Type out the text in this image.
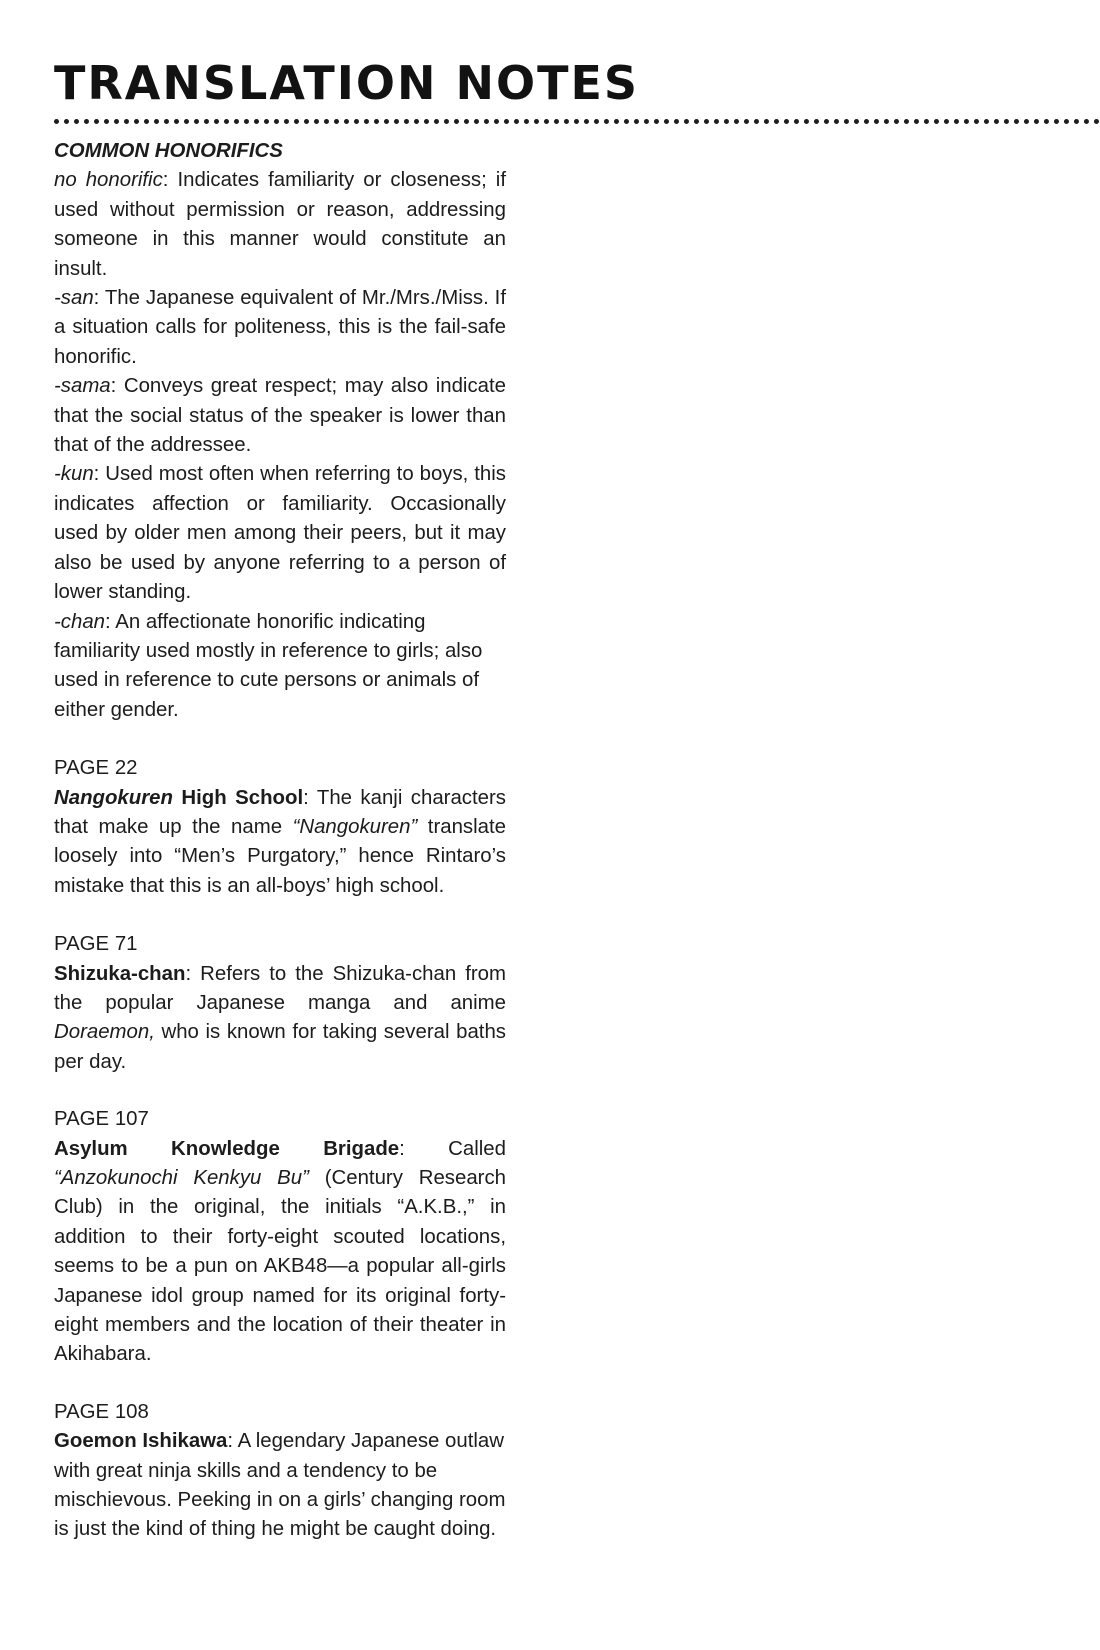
TRANSLATION NOTES
COMMON HONORIFICS

no honorific: Indicates familiarity or closeness; if used without permission or reason, addressing someone in this manner would constitute an insult.

-san: The Japanese equivalent of Mr./Mrs./Miss. If a situation calls for politeness, this is the fail-safe honorific.

-sama: Conveys great respect; may also indicate that the social status of the speaker is lower than that of the addressee.

-kun: Used most often when referring to boys, this indicates affection or familiarity. Occasionally used by older men among their peers, but it may also be used by anyone referring to a person of lower standing.

-chan: An affectionate honorific indicating familiarity used mostly in reference to girls; also used in reference to cute persons or animals of either gender.

PAGE 22

Nangokuren High School: The kanji characters that make up the name “Nangokuren” translate loosely into “Men’s Purgatory,” hence Rintaro’s mistake that this is an all-boys’ high school.

PAGE 71

Shizuka-chan: Refers to the Shizuka-chan from the popular Japanese manga and anime Doraemon, who is known for taking several baths per day.

PAGE 107

Asylum Knowledge Brigade: Called “Anzokunochi Kenkyu Bu” (Century Research Club) in the original, the initials “A.K.B.,” in addition to their forty-eight scouted locations, seems to be a pun on AKB48—a popular all-girls Japanese idol group named for its original forty-eight members and the location of their theater in Akihabara.

PAGE 108

Goemon Ishikawa: A legendary Japanese outlaw with great ninja skills and a tendency to be mischievous. Peeking in on a girls’ changing room is just the kind of thing he might be caught doing.
